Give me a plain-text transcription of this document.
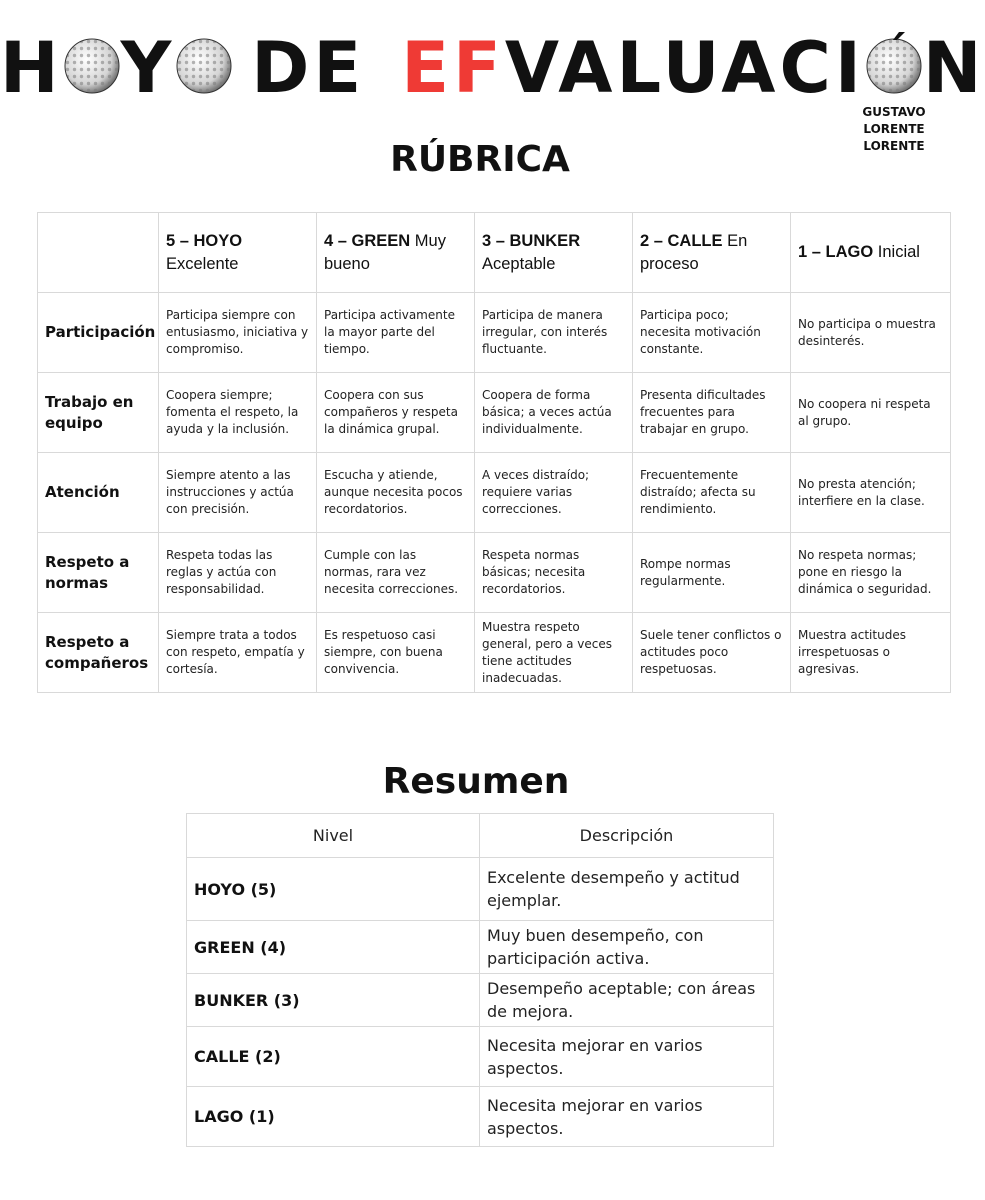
H Y DE EFVALUACI N
GUSTAVO
LORENTE
LORENTE
RÚBRICA
	5 – HOYO Excelente	4 – GREEN Muy bueno	3 – BUNKER Aceptable	2 – CALLE En proceso	1 – LAGO Inicial
Participación	Participa siempre con entusiasmo, iniciativa y compromiso.	Participa activamente la mayor parte del tiempo.	Participa de manera irregular, con interés fluctuante.	Participa poco; necesita motivación constante.	No participa o muestra desinterés.
Trabajo en equipo	Coopera siempre; fomenta el respeto, la ayuda y la inclusión.	Coopera con sus compañeros y respeta la dinámica grupal.	Coopera de forma básica; a veces actúa individualmente.	Presenta dificultades frecuentes para trabajar en grupo.	No coopera ni respeta al grupo.
Atención	Siempre atento a las instrucciones y actúa con precisión.	Escucha y atiende, aunque necesita pocos recordatorios.	A veces distraído; requiere varias correcciones.	Frecuentemente distraído; afecta su rendimiento.	No presta atención; interfiere en la clase.
Respeto a normas	Respeta todas las reglas y actúa con responsabilidad.	Cumple con las normas, rara vez necesita correcciones.	Respeta normas básicas; necesita recordatorios.	Rompe normas regularmente.	No respeta normas; pone en riesgo la dinámica o seguridad.
Respeto a compañeros	Siempre trata a todos con respeto, empatía y cortesía.	Es respetuoso casi siempre, con buena convivencia.	Muestra respeto general, pero a veces tiene actitudes inadecuadas.	Suele tener conflictos o actitudes poco respetuosas.	Muestra actitudes irrespetuosas o agresivas.
Resumen
Nivel	Descripción
HOYO (5)	Excelente desempeño y actitud ejemplar.
GREEN (4)	Muy buen desempeño, con participación activa.
BUNKER (3)	Desempeño aceptable; con áreas de mejora.
CALLE (2)	Necesita mejorar en varios aspectos.
LAGO (1)	Necesita mejorar en varios aspectos.
